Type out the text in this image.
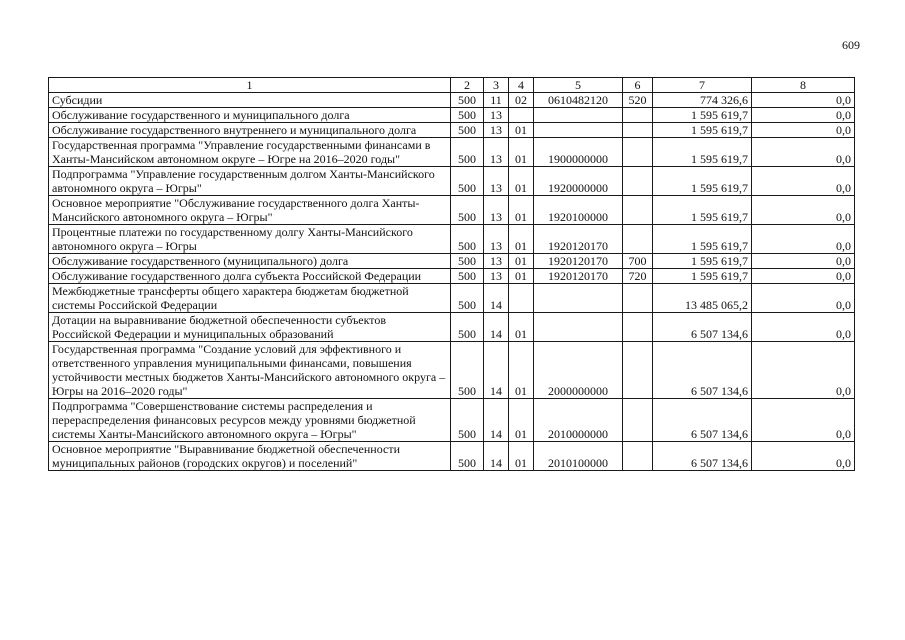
609
1	2	3	4	5	6	7	8
Субсидии	500	11	02	0610482120	520	774 326,6	0,0
Обслуживание государственного и муниципального долга	500	13				1 595 619,7	0,0
Обслуживание государственного внутреннего и муниципального долга	500	13	01			1 595 619,7	0,0
Государственная программа "Управление государственными финансами в Ханты-Мансийском автономном округе – Югре на 2016–2020 годы"	500	13	01	1900000000		1 595 619,7	0,0
Подпрограмма "Управление государственным долгом Ханты-Мансийского автономного округа – Югры"	500	13	01	1920000000		1 595 619,7	0,0
Основное мероприятие "Обслуживание государственного долга Ханты-Мансийского автономного округа – Югры"	500	13	01	1920100000		1 595 619,7	0,0
Процентные платежи по государственному долгу Ханты-Мансийского автономного округа – Югры	500	13	01	1920120170		1 595 619,7	0,0
Обслуживание государственного (муниципального) долга	500	13	01	1920120170	700	1 595 619,7	0,0
Обслуживание государственного долга субъекта Российской Федерации	500	13	01	1920120170	720	1 595 619,7	0,0
Межбюджетные трансферты общего характера бюджетам бюджетной системы Российской Федерации	500	14				13 485 065,2	0,0
Дотации на выравнивание бюджетной обеспеченности субъектов Российской Федерации и муниципальных образований	500	14	01			6 507 134,6	0,0
Государственная программа "Создание условий для эффективного и ответственного управления муниципальными финансами, повышения устойчивости местных бюджетов Ханты-Мансийского автономного округа – Югры на 2016–2020 годы"	500	14	01	2000000000		6 507 134,6	0,0
Подпрограмма "Совершенствование системы распределения и перераспределения финансовых ресурсов между уровнями бюджетной системы Ханты-Мансийского автономного округа – Югры"	500	14	01	2010000000		6 507 134,6	0,0
Основное мероприятие "Выравнивание бюджетной обеспеченности муниципальных районов (городских округов) и поселений"	500	14	01	2010100000		6 507 134,6	0,0
